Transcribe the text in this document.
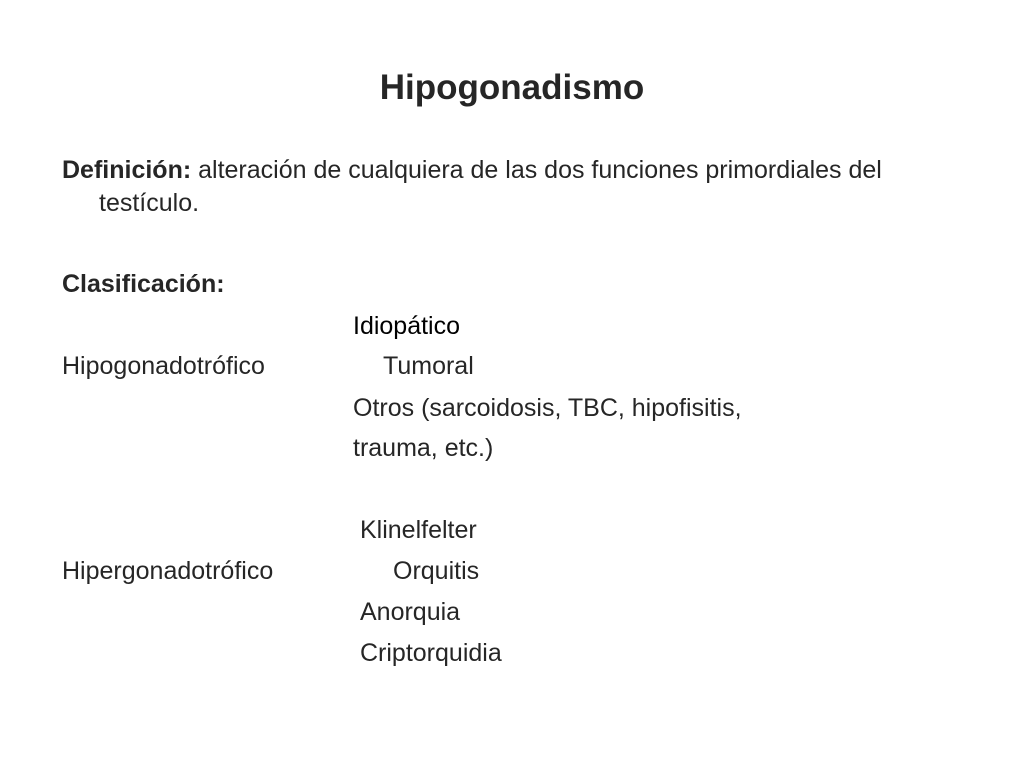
Hipogonadismo
Definición: alteración de cualquiera de las dos funciones primordiales del testículo.
Clasificación:
Idiopático
Hipogonadotrófico	Tumoral
Otros (sarcoidosis, TBC, hipofisitis,
trauma, etc.)
Klinelfelter
Hipergonadotrófico	Orquitis
Anorquia
Criptorquidia
